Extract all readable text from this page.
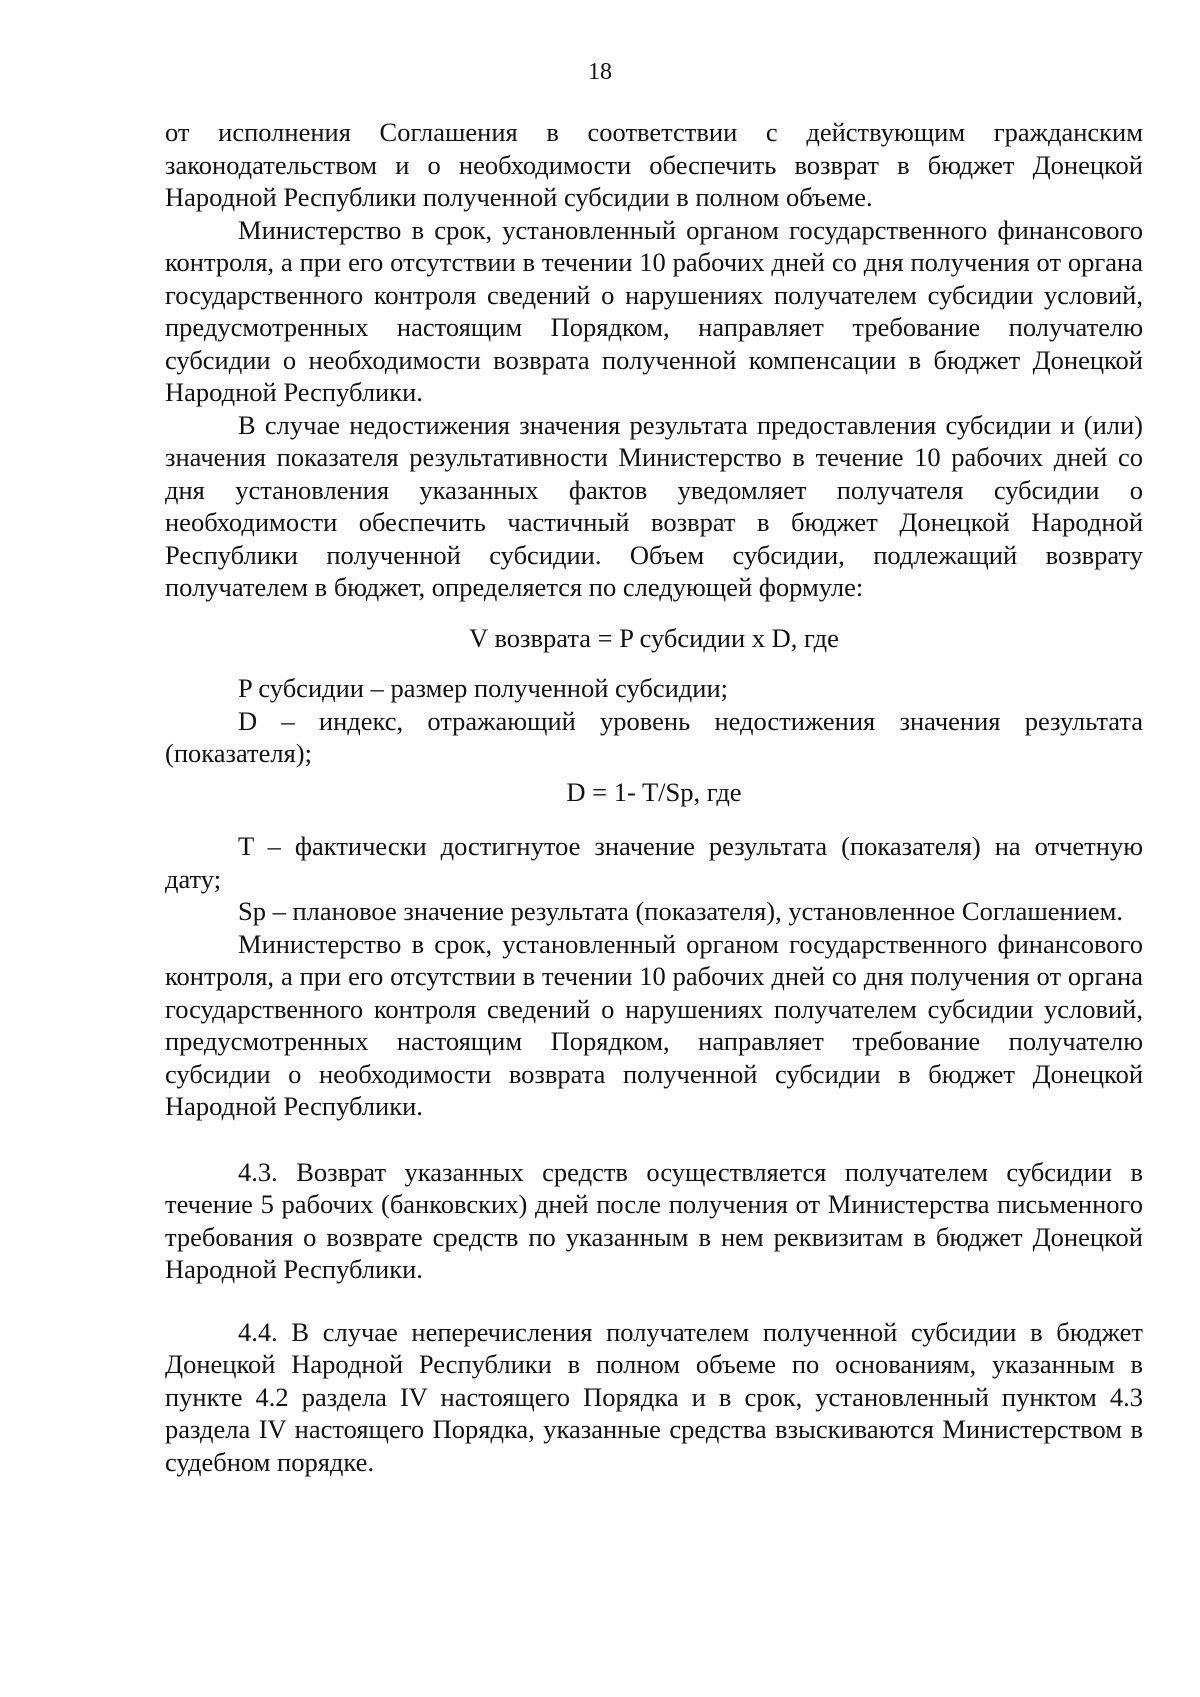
18

от исполнения Соглашения в соответствии с действующим гражданским законодательством и о необходимости обеспечить возврат в бюджет Донецкой Народной Республики полученной субсидии в полном объеме.

Министерство в срок, установленный органом государственного финансового контроля, а при его отсутствии в течении 10 рабочих дней со дня получения от органа государственного контроля сведений о нарушениях получателем субсидии условий, предусмотренных настоящим Порядком, направляет требование получателю субсидии о необходимости возврата полученной компенсации в бюджет Донецкой Народной Республики.

В случае недостижения значения результата предоставления субсидии и (или) значения показателя результативности Министерство в течение 10 рабочих дней со дня установления указанных фактов уведомляет получателя субсидии о необходимости обеспечить частичный возврат в бюджет Донецкой Народной Республики полученной субсидии. Объем субсидии, подлежащий возврату получателем в бюджет, определяется по следующей формуле:

V возврата = P субсидии x D, где

P субсидии – размер полученной субсидии;

D – индекс, отражающий уровень недостижения значения результата (показателя);

D = 1- T/Sp, где

T – фактически достигнутое значение результата (показателя) на отчетную дату;

Sp – плановое значение результата (показателя), установленное Соглашением.

Министерство в срок, установленный органом государственного финансового контроля, а при его отсутствии в течении 10 рабочих дней со дня получения от органа государственного контроля сведений о нарушениях получателем субсидии условий, предусмотренных настоящим Порядком, направляет требование получателю субсидии о необходимости возврата полученной субсидии в бюджет Донецкой Народной Республики.

4.3. Возврат указанных средств осуществляется получателем субсидии в течение 5 рабочих (банковских) дней после получения от Министерства письменного требования о возврате средств по указанным в нем реквизитам в бюджет Донецкой Народной Республики.

4.4. В случае неперечисления получателем полученной субсидии в бюджет Донецкой Народной Республики в полном объеме по основаниям, указанным в пункте 4.2 раздела IV настоящего Порядка и в срок, установленный пунктом 4.3 раздела IV настоящего Порядка, указанные средства взыскиваются Министерством в судебном порядке.
